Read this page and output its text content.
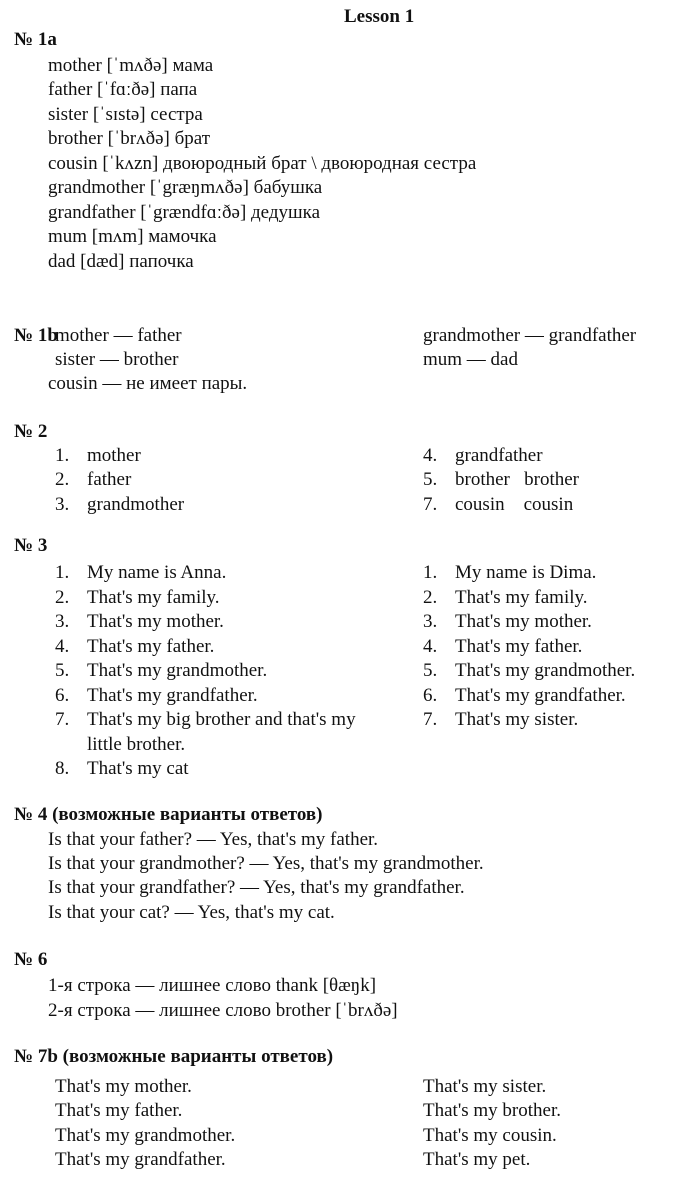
Lesson 1
№ 1a
mother [ˈmʌðə] мама
father [ˈfɑːðə] папа
sister [ˈsɪstə] сестра
brother [ˈbrʌðə] брат
cousin [ˈkʌzn] двоюродный брат \ двоюродная сестра
grandmother [ˈgræŋmʌðə] бабушка
grandfather [ˈgrændfɑːðə] дедушка
mum [mʌm] мамочка
dad [dæd] папочка
№ 1b
mother — father
sister — brother
grandmother — grandfather
mum — dad
cousin — не имеет пары.
№ 2
1. mother
2. father
3. grandmother
4. grandfather
5. brother   brother
7. cousin    cousin
№ 3
1. My name is Anna.
2. That's my family.
3. That's my mother.
4. That's my father.
5. That's my grandmother.
6. That's my grandfather.
7. That's my big brother and that's my
little brother.
8. That's my cat
1. My name is Dima.
2. That's my family.
3. That's my mother.
4. That's my father.
5. That's my grandmother.
6. That's my grandfather.
7. That's my sister.
№ 4 (возможные варианты ответов)
Is that your father? — Yes, that's my father.
Is that your grandmother? — Yes, that's my grandmother.
Is that your grandfather? — Yes, that's my grandfather.
Is that your cat? — Yes, that's my cat.
№ 6
1-я строка — лишнее слово thank [θæŋk]
2-я строка — лишнее слово brother [ˈbrʌðə]
№ 7b (возможные варианты ответов)
That's my mother.
That's my father.
That's my grandmother.
That's my grandfather.
That's my sister.
That's my brother.
That's my cousin.
That's my pet.
